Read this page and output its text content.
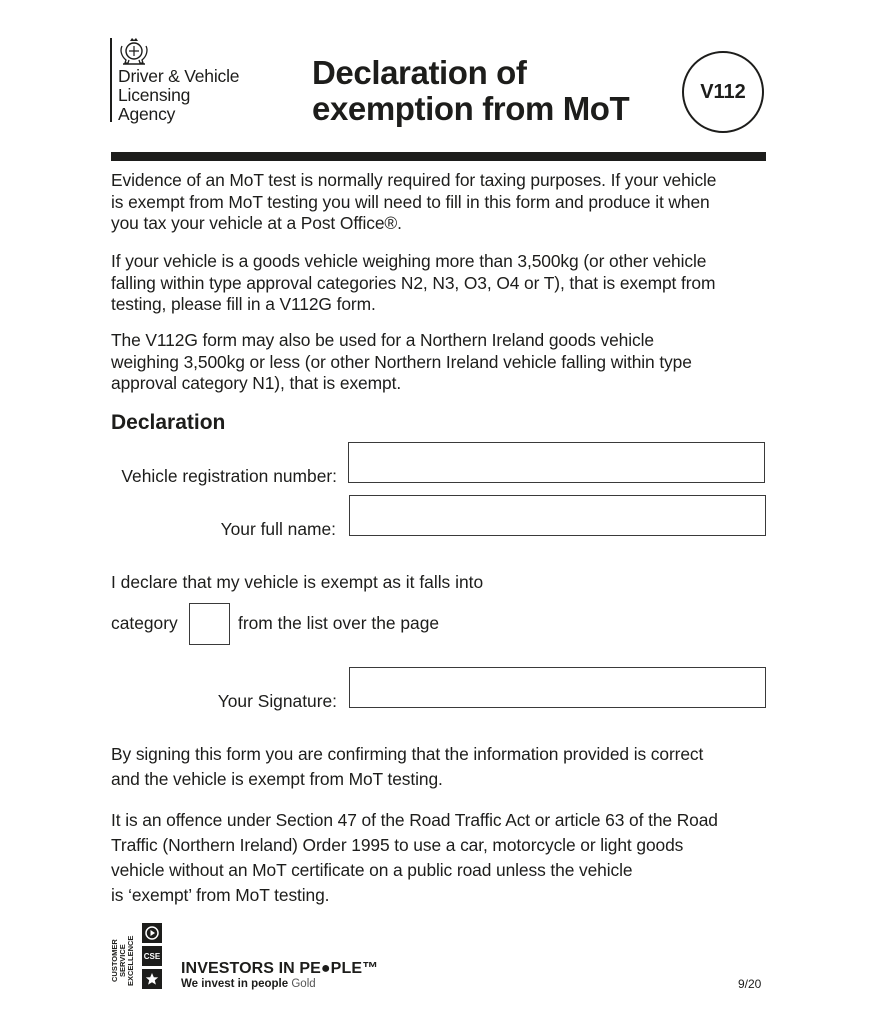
Driver & Vehicle
Licensing
Agency
Declaration of
exemption from MoT	V112
Evidence of an MoT test is normally required for taxing purposes. If your vehicle
is exempt from MoT testing you will need to fill in this form and produce it when
you tax your vehicle at a Post Office®.
If your vehicle is a goods vehicle weighing more than 3,500kg (or other vehicle
falling within type approval categories N2, N3, O3, O4 or T), that is exempt from
testing, please fill in a V112G form.
The V112G form may also be used for a Northern Ireland goods vehicle
weighing 3,500kg or less (or other Northern Ireland vehicle falling within type
approval category N1), that is exempt.
Declaration
Vehicle registration number:
Your full name:
I declare that my vehicle is exempt as it falls into
category	from the list over the page
Your Signature:
By signing this form you are confirming that the information provided is correct
and the vehicle is exempt from MoT testing.
It is an offence under Section 47 of the Road Traffic Act or article 63 of the Road
Traffic (Northern Ireland) Order 1995 to use a car, motorcycle or light goods
vehicle without an MoT certificate on a public road unless the vehicle
is ‘exempt’ from MoT testing.
CUSTOMER SERVICE EXCELLENCE CSE
INVESTORS IN PE●PLE™
We invest in people Gold	9/20
